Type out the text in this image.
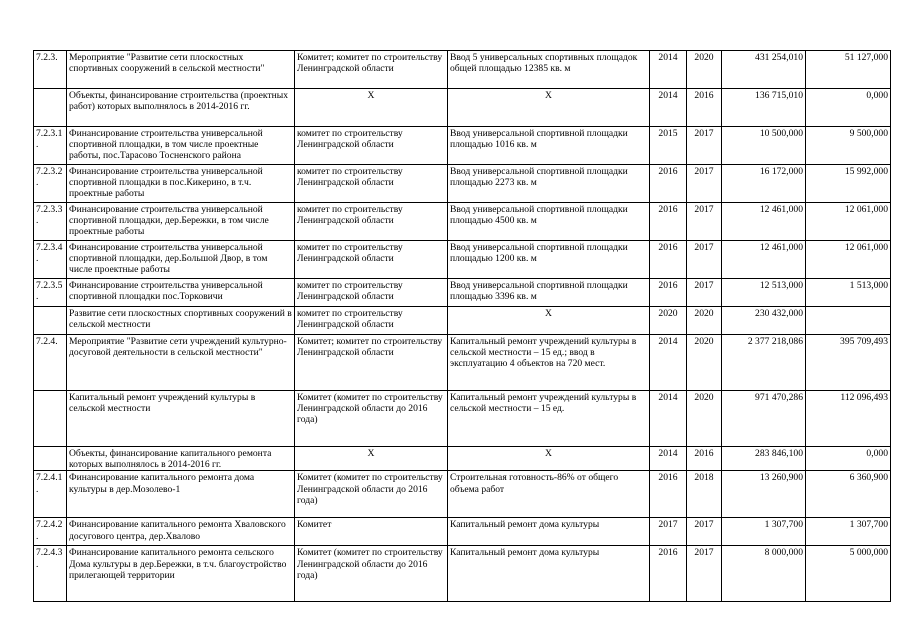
7.2.3.	Мероприятие "Развитие сети плоскостных спортивных сооружений в сельской местности"	Комитет; комитет по строительству Ленинградской области	Ввод 5 универсальных спортивных площадок общей площадью 12385 кв. м	2014	2020	431 254,010	51 127,000
	Объекты, финансирование строительства (проектных работ) которых выполнялось в 2014-2016 гг.	X	X	2014	2016	136 715,010	0,000
7.2.3.1.	Финансирование строительства универсальной спортивной площадки, в том числе проектные работы, пос.Тарасово Тосненского района	комитет по строительству Ленинградской области	Ввод универсальной спортивной площадки площадью 1016 кв. м	2015	2017	10 500,000	9 500,000
7.2.3.2.	Финансирование строительства универсальной спортивной площадки в пос.Кикерино, в т.ч. проектные работы	комитет по строительству Ленинградской области	Ввод универсальной спортивной площадки площадью 2273 кв. м	2016	2017	16 172,000	15 992,000
7.2.3.3.	Финансирование строительства универсальной спортивной площадки, дер.Бережки, в том числе проектные работы	комитет по строительству Ленинградской области	Ввод универсальной спортивной площадки площадью 4500 кв. м	2016	2017	12 461,000	12 061,000
7.2.3.4.	Финансирование строительства универсальной спортивной площадки, дер.Большой Двор, в том числе проектные работы	комитет по строительству Ленинградской области	Ввод универсальной спортивной площадки площадью 1200 кв. м	2016	2017	12 461,000	12 061,000
7.2.3.5.	Финансирование строительства универсальной спортивной площадки пос.Торковичи	комитет по строительству Ленинградской области	Ввод универсальной спортивной площадки площадью 3396 кв. м	2016	2017	12 513,000	1 513,000
	Развитие сети плоскостных спортивных сооружений в сельской местности	комитет по строительству Ленинградской области	X	2020	2020	230 432,000	
7.2.4.	Мероприятие "Развитие сети учреждений культурно-досуговой деятельности в сельской местности"	Комитет; комитет по строительству Ленинградской области	Капитальный ремонт учреждений культуры в сельской местности – 15 ед.; ввод в эксплуатацию 4 объектов на 720 мест.	2014	2020	2 377 218,086	395 709,493
	Капитальный ремонт учреждений культуры в сельской местности	Комитет (комитет по строительству Ленинградской области до 2016 года)	Капитальный ремонт учреждений культуры в сельской местности – 15 ед.	2014	2020	971 470,286	112 096,493
	Объекты, финансирование капитального ремонта которых выполнялось в 2014-2016 гг.	X	X	2014	2016	283 846,100	0,000
7.2.4.1.	Финансирование капитального ремонта дома культуры в дер.Мозолево-1	Комитет (комитет по строительству Ленинградской области до 2016 года)	Строительная готовность-86% от общего объема работ	2016	2018	13 260,900	6 360,900
7.2.4.2.	Финансирование капитального ремонта Хваловского досугового центра, дер.Хвалово	Комитет	Капитальный ремонт дома культуры	2017	2017	1 307,700	1 307,700
7.2.4.3.	Финансирование капитального ремонта сельского Дома культуры в дер.Бережки, в т.ч. благоустройство прилегающей территории	Комитет (комитет по строительству Ленинградской области до 2016 года)	Капитальный ремонт дома культуры	2016	2017	8 000,000	5 000,000
